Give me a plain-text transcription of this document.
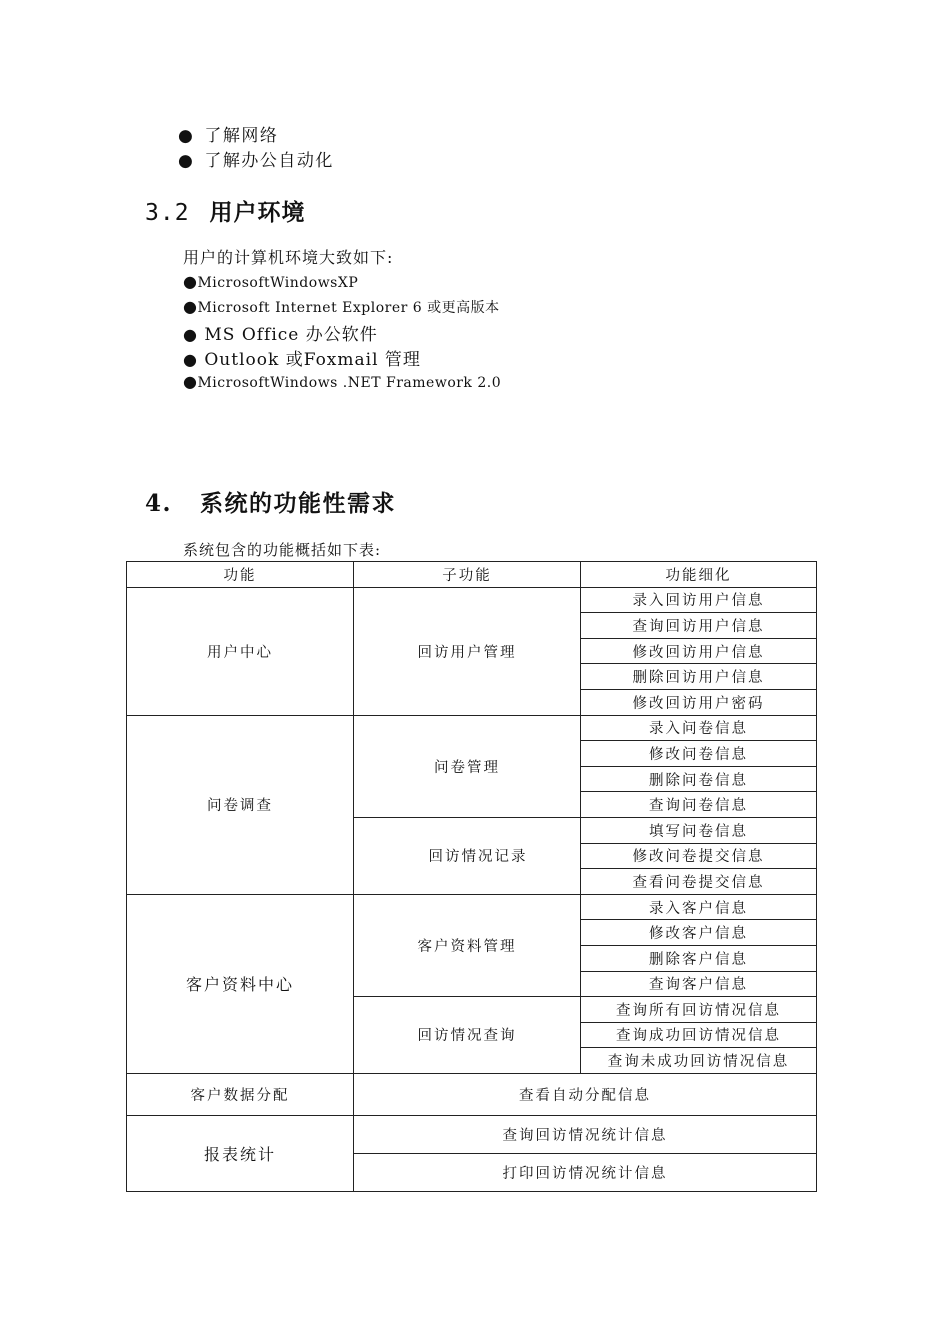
● 了解网络
● 了解办公自动化
3.2 用户环境
用户的计算机环境大致如下:
●MicrosoftWindowsXP
●Microsoft Internet Explorer 6 或更高版本
● MS Office 办公软件
● Outlook 或Foxmail 管理
●MicrosoftWindows .NET Framework 2.0
4. 系统的功能性需求
系统包含的功能概括如下表:
功能	子功能	功能细化
用户中心	回访用户管理	录入回访用户信息
		查询回访用户信息
		修改回访用户信息
		删除回访用户信息
		修改回访用户密码
问卷调查	问卷管理	录入问卷信息
		修改问卷信息
		删除问卷信息
		查询问卷信息
	回访情况记录	填写问卷信息
		修改问卷提交信息
		查看问卷提交信息
客户资料中心	客户资料管理	录入客户信息
		修改客户信息
		删除客户信息
		查询客户信息
	回访情况查询	查询所有回访情况信息
		查询成功回访情况信息
		查询未成功回访情况信息
客户数据分配	查看自动分配信息	
报表统计	查询回访情况统计信息	
	打印回访情况统计信息	
